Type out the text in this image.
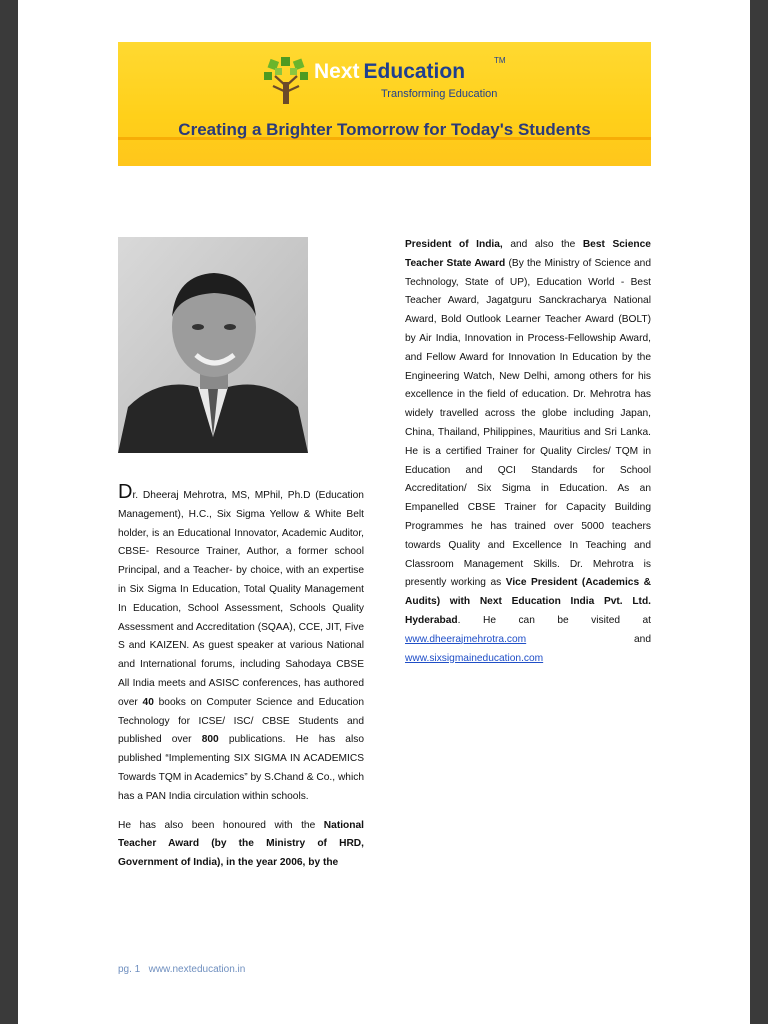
Next Education	TM
Transforming Education
Creating a Brighter Tomorrow for Today's Students

Dr. Dheeraj Mehrotra, MS, MPhil, Ph.D (Education Management), H.C., Six Sigma Yellow & White Belt holder, is an Educational Innovator, Academic Auditor, CBSE- Resource Trainer, Author, a former school Principal, and a Teacher- by choice, with an expertise in Six Sigma In Education, Total Quality Management In Education, School Assessment, Schools Quality Assessment and Accreditation (SQAA), CCE, JIT, Five S and KAIZEN. As guest speaker at various National and International forums, including Sahodaya CBSE All India meets and ASISC conferences, has authored over 40 books on Computer Science and Education Technology for ICSE/ ISC/ CBSE Students and published over 800 publications. He has also published “Implementing SIX SIGMA IN ACADEMICS Towards TQM in Academics” by S.Chand & Co., which has a PAN India circulation within schools.

He has also been honoured with the National Teacher Award (by the Ministry of HRD, Government of India), in the year 2006, by the

President of India, and also the Best Science Teacher State Award (By the Ministry of Science and Technology, State of UP), Education World - Best Teacher Award, Jagatguru Sanckracharya National Award, Bold Outlook Learner Teacher Award (BOLT) by Air India, Innovation in Process-Fellowship Award, and Fellow Award for Innovation In Education by the Engineering Watch, New Delhi, among others for his excellence in the field of education. Dr. Mehrotra has widely travelled across the globe including Japan, China, Thailand, Philippines, Mauritius and Sri Lanka. He is a certified Trainer for Quality Circles/ TQM in Education and QCI Standards for School Accreditation/ Six Sigma in Education. As an Empanelled CBSE Trainer for Capacity Building Programmes he has trained over 5000 teachers towards Quality and Excellence In Teaching and Classroom Management Skills. Dr. Mehrotra is presently working as Vice President (Academics & Audits) with Next Education India Pvt. Ltd. Hyderabad. He can be visited at www.dheerajmehrotra.com	and www.sixsigmaineducation.com

pg. 1 www.nexteducation.in
